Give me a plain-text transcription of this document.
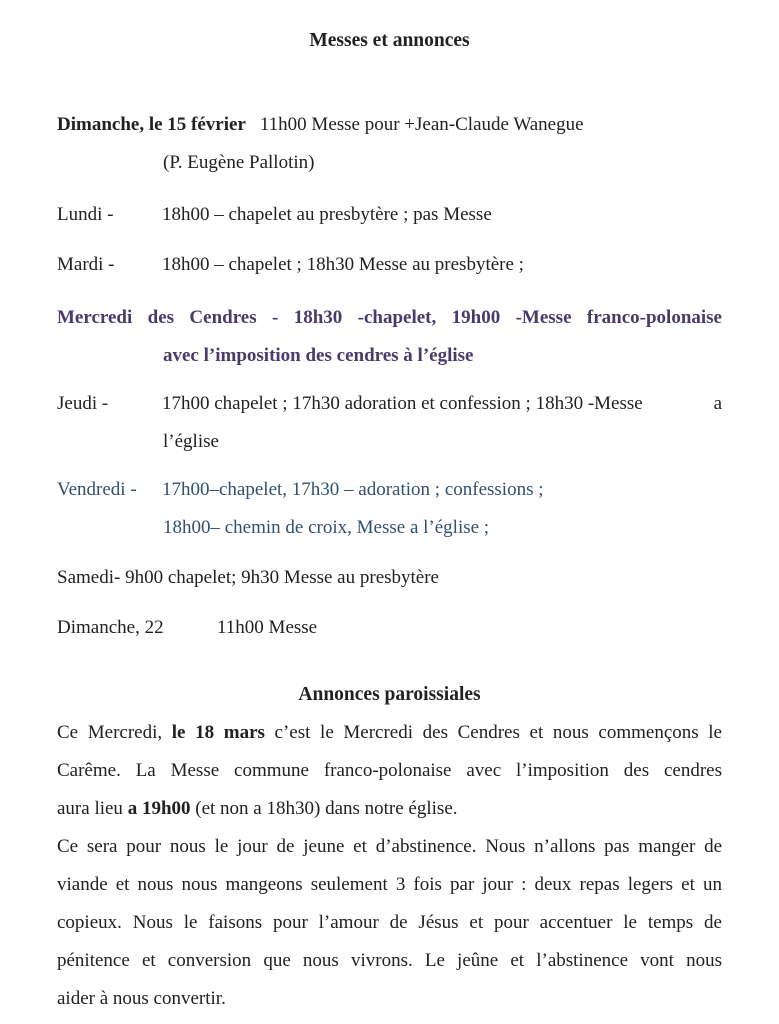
Messes et annonces
Dimanche, le 15 février 11h00 Messe pour +Jean-Claude Wanegue
(P. Eugène Pallotin)
Lundi -	18h00 – chapelet au presbytère ; pas Messe
Mardi - 18h00 – chapelet ; 18h30 Messe au presbytère ;
Mercredi des Cendres - 18h30 -chapelet, 19h00 -Messe franco-polonaise
avec l’imposition des cendres à l’église
Jeudi -	17h00 chapelet ; 17h30 adoration et confession ; 18h30 -Messe	a
l’église
Vendredi - 17h00–chapelet, 17h30 – adoration ; confessions ;
18h00– chemin de croix, Messe a l’église ;
Samedi- 9h00 chapelet; 9h30 Messe au presbytère
Dimanche, 22	11h00 Messe
Annonces paroissiales
Ce Mercredi, le 18 mars c’est le Mercredi des Cendres et nous commençons le
Carême. La Messe commune franco-polonaise avec l’imposition des cendres
aura lieu a 19h00 (et non a 18h30) dans notre église.
Ce sera pour nous le jour de jeune et d’abstinence. Nous n’allons pas manger de
viande et nous nous mangeons seulement 3 fois par jour : deux repas legers et un
copieux. Nous le faisons pour l’amour de Jésus et pour accentuer le temps de
pénitence et conversion que nous vivrons. Le jeûne et l’abstinence vont nous
aider à nous convertir.
